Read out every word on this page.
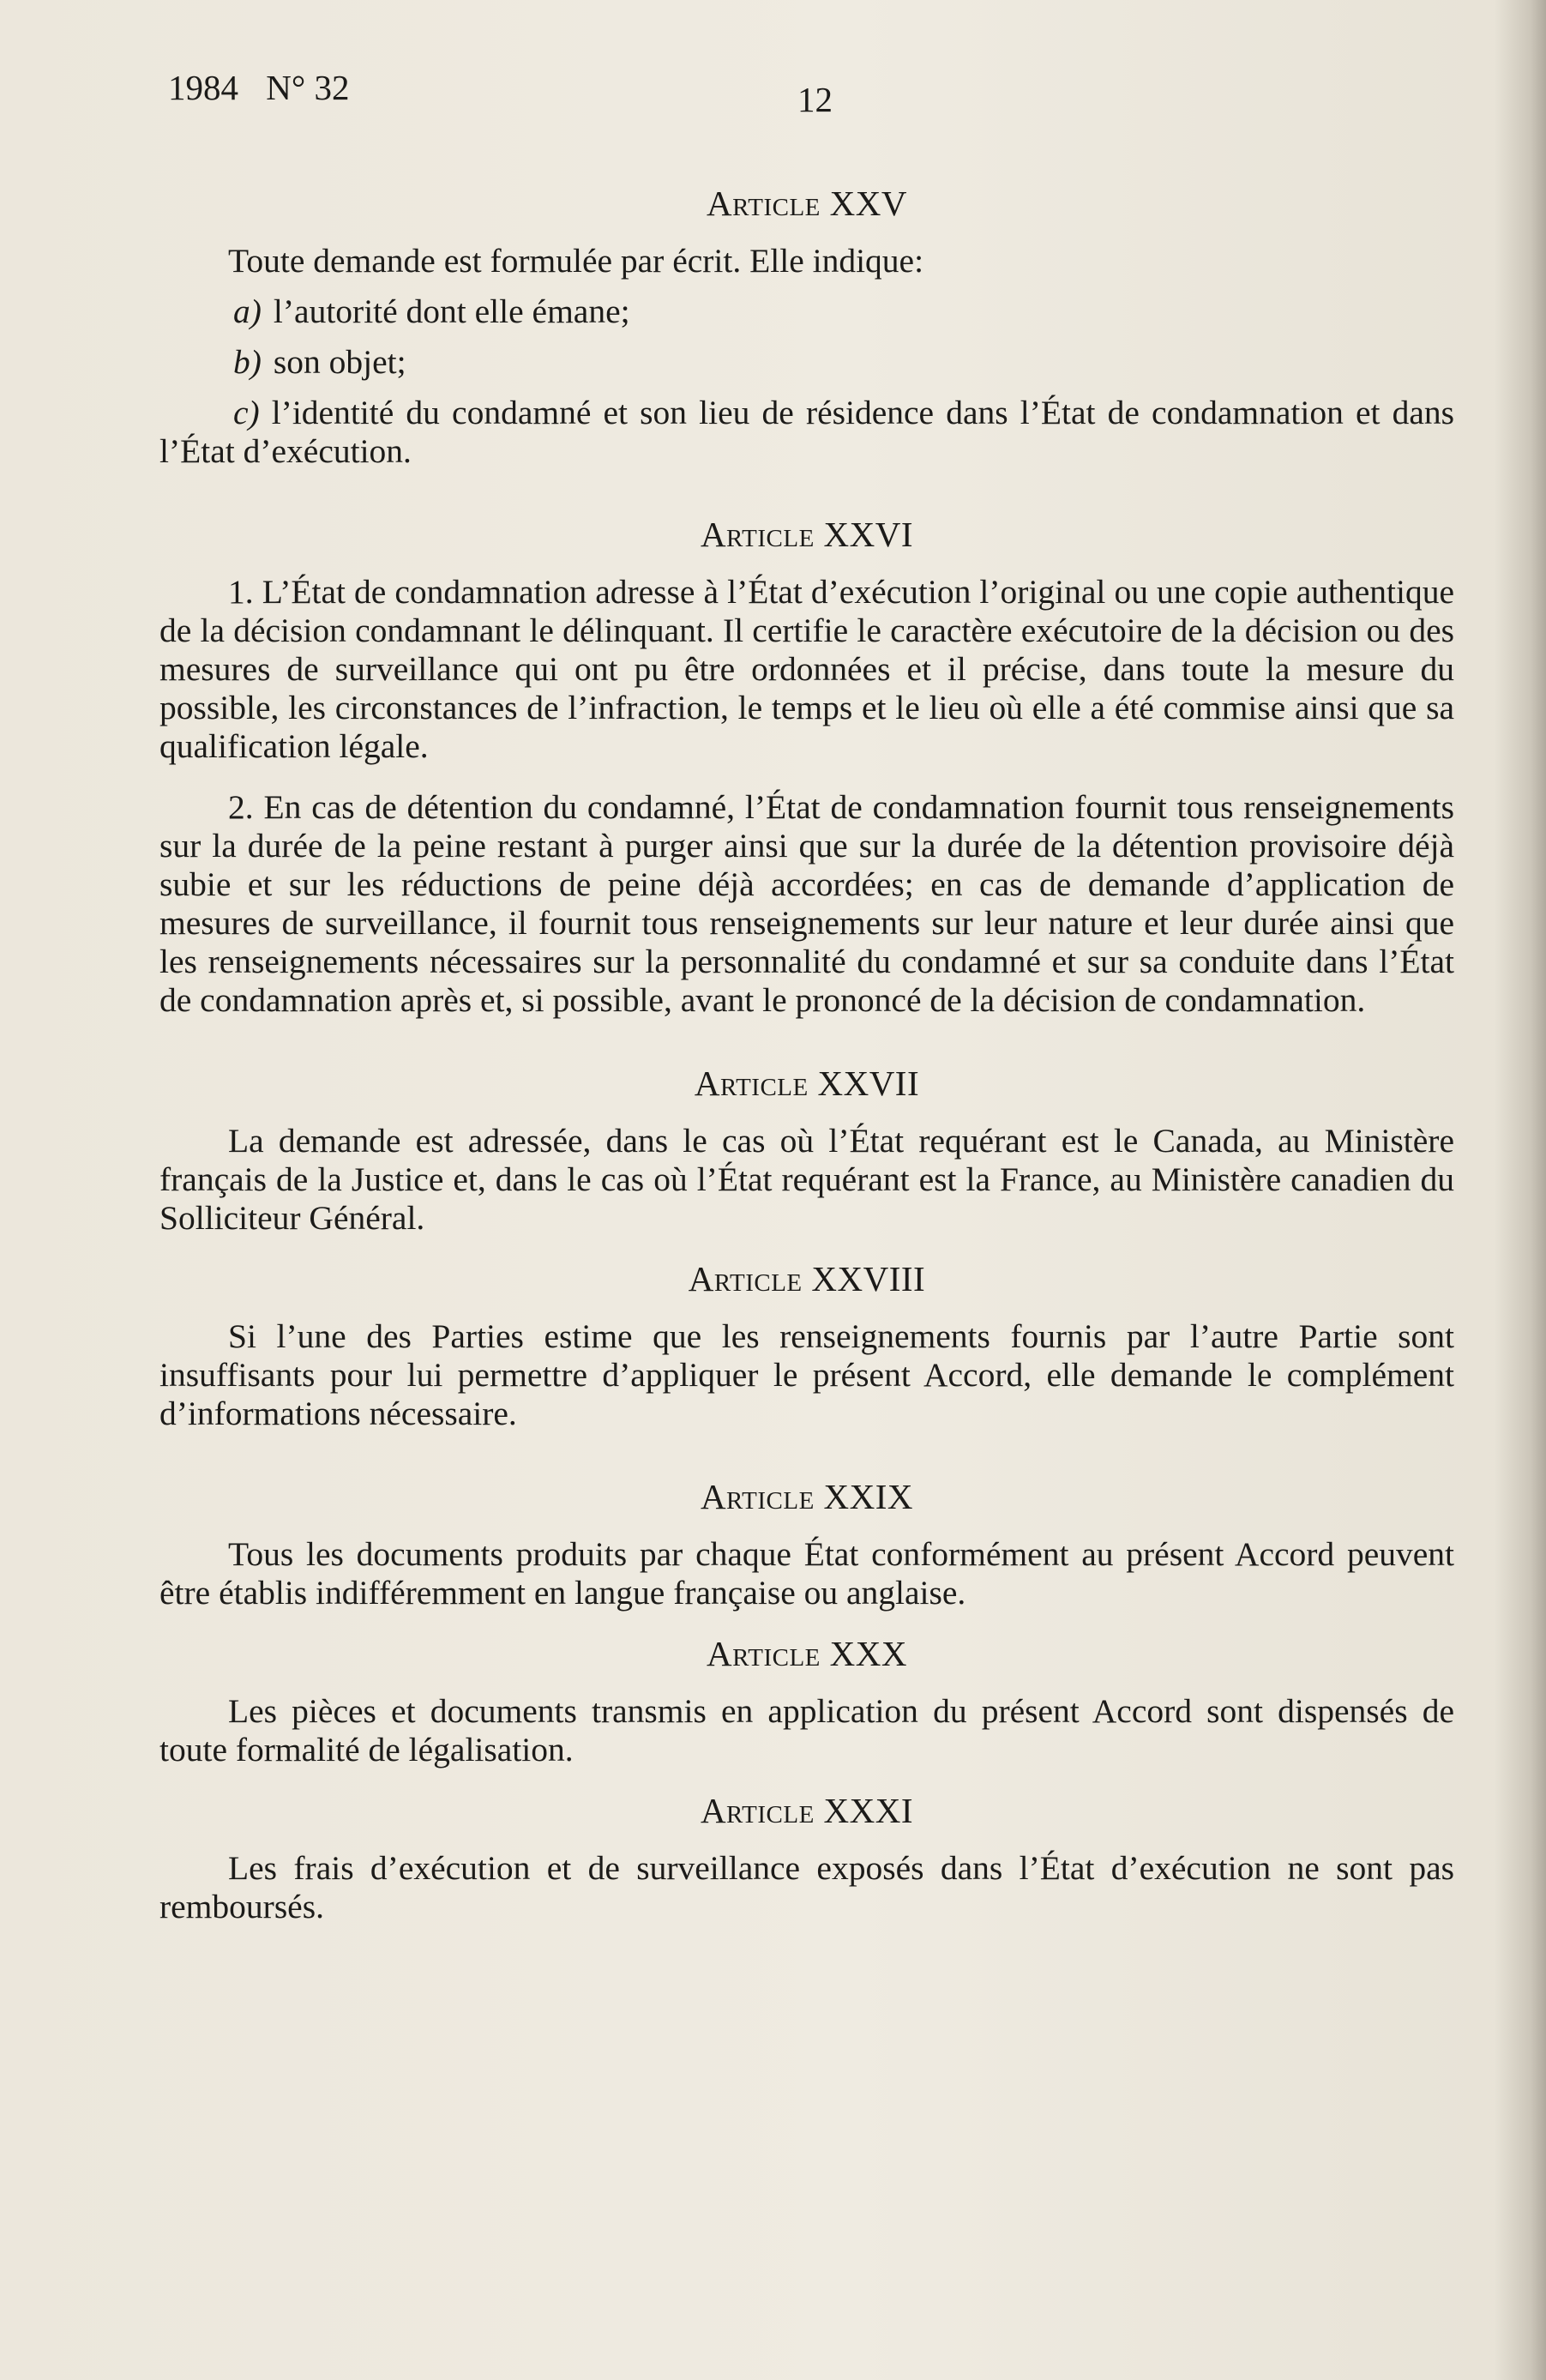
1984 N° 32	12
Article XXV

Toute demande est formulée par écrit. Elle indique:

a) l’autorité dont elle émane;
b) son objet;
c) l’identité du condamné et son lieu de résidence dans l’État de condamnation et dans l’État d’exécution.
Article XXVI

1. L’État de condamnation adresse à l’État d’exécution l’original ou une copie authentique de la décision condamnant le délinquant. Il certifie le caractère exécutoire de la décision ou des mesures de surveillance qui ont pu être ordonnées et il précise, dans toute la mesure du possible, les circonstances de l’infraction, le temps et le lieu où elle a été commise ainsi que sa qualification légale.

2. En cas de détention du condamné, l’État de condamnation fournit tous renseignements sur la durée de la peine restant à purger ainsi que sur la durée de la détention provisoire déjà subie et sur les réductions de peine déjà accordées; en cas de demande d’application de mesures de surveillance, il fournit tous renseignements sur leur nature et leur durée ainsi que les renseignements nécessaires sur la personnalité du condamné et sur sa conduite dans l’État de condamnation après et, si possible, avant le prononcé de la décision de condamnation.

Article XXVII

La demande est adressée, dans le cas où l’État requérant est le Canada, au Ministère français de la Justice et, dans le cas où l’État requérant est la France, au Ministère canadien du Solliciteur Général.

Article XXVIII

Si l’une des Parties estime que les renseignements fournis par l’autre Partie sont insuffisants pour lui permettre d’appliquer le présent Accord, elle demande le complément d’informations nécessaire.

Article XXIX

Tous les documents produits par chaque État conformément au présent Accord peuvent être établis indifféremment en langue française ou anglaise.

Article XXX

Les pièces et documents transmis en application du présent Accord sont dispensés de toute formalité de légalisation.

Article XXXI

Les frais d’exécution et de surveillance exposés dans l’État d’exécution ne sont pas remboursés.
